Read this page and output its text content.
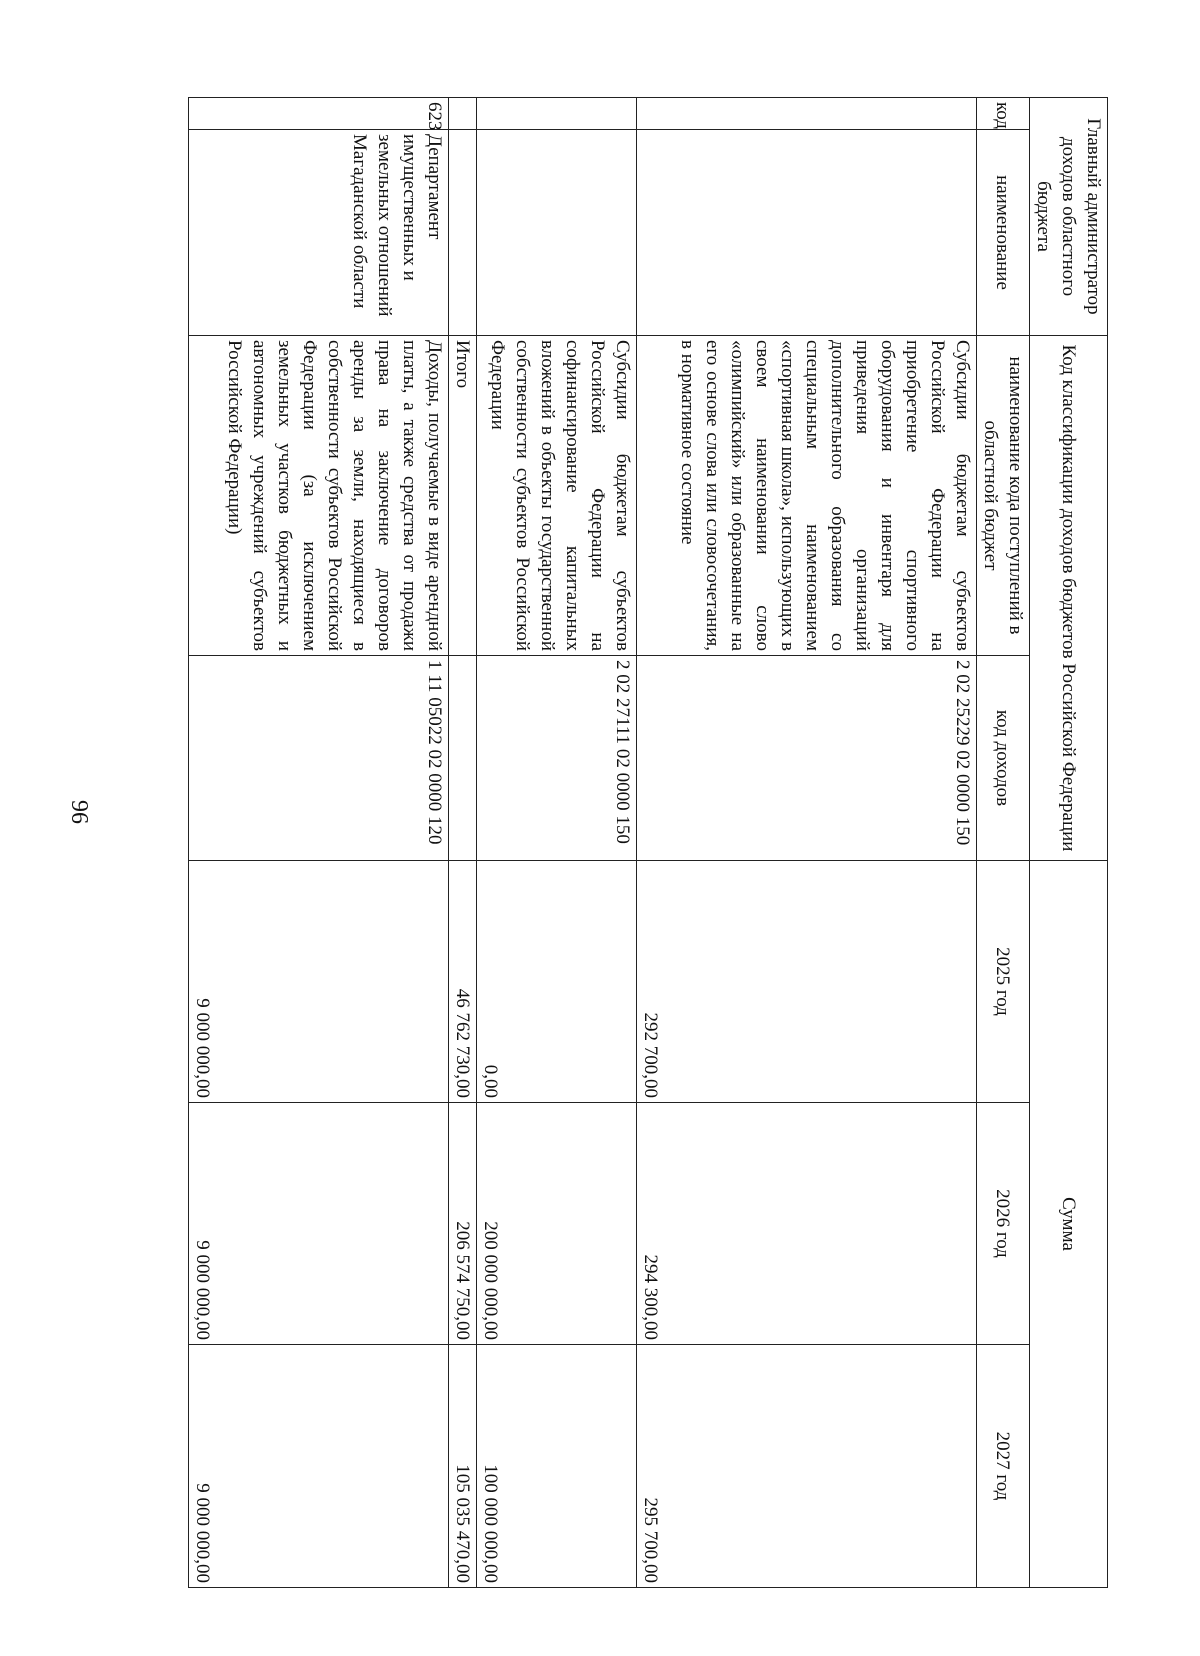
96
Главный администратор доходов областного бюджета		Код классификации доходов бюджетов Российской Федерации		Сумма		
код	наименование	наименование кода поступлений в областной бюджет	код доходов	2025 год	2026 год	2027 год
		Субсидии бюджетам субъектов Российской Федерации на приобретение спортивного оборудования и инвентаря для приведения организаций дополнительного образования со специальным наименованием «спортивная школа», использующих в своем наименовании слово «олимпийский» или образованные на его основе слова или словосочетания, в нормативное состояние	2 02 25229 02 0000 150	292 700,00	294 300,00	295 700,00
		Субсидии бюджетам субъектов Российской Федерации на софинансирование капитальных вложений в объекты государственной собственности субъектов Российской Федерации	2 02 27111 02 0000 150	0,00	200 000 000,00	100 000 000,00
		Итого		46 762 730,00	206 574 750,00	105 035 470,00
623	Департамент имущественных и земельных отношений Магаданской области	Доходы, получаемые в виде арендной платы, а также средства от продажи права на заключение договоров аренды за земли, находящиеся в собственности субъектов Российской Федерации (за исключением земельных участков бюджетных и автономных учреждений субъектов Российской Федерации)	1 11 05022 02 0000 120	9 000 000,00	9 000 000,00	9 000 000,00
